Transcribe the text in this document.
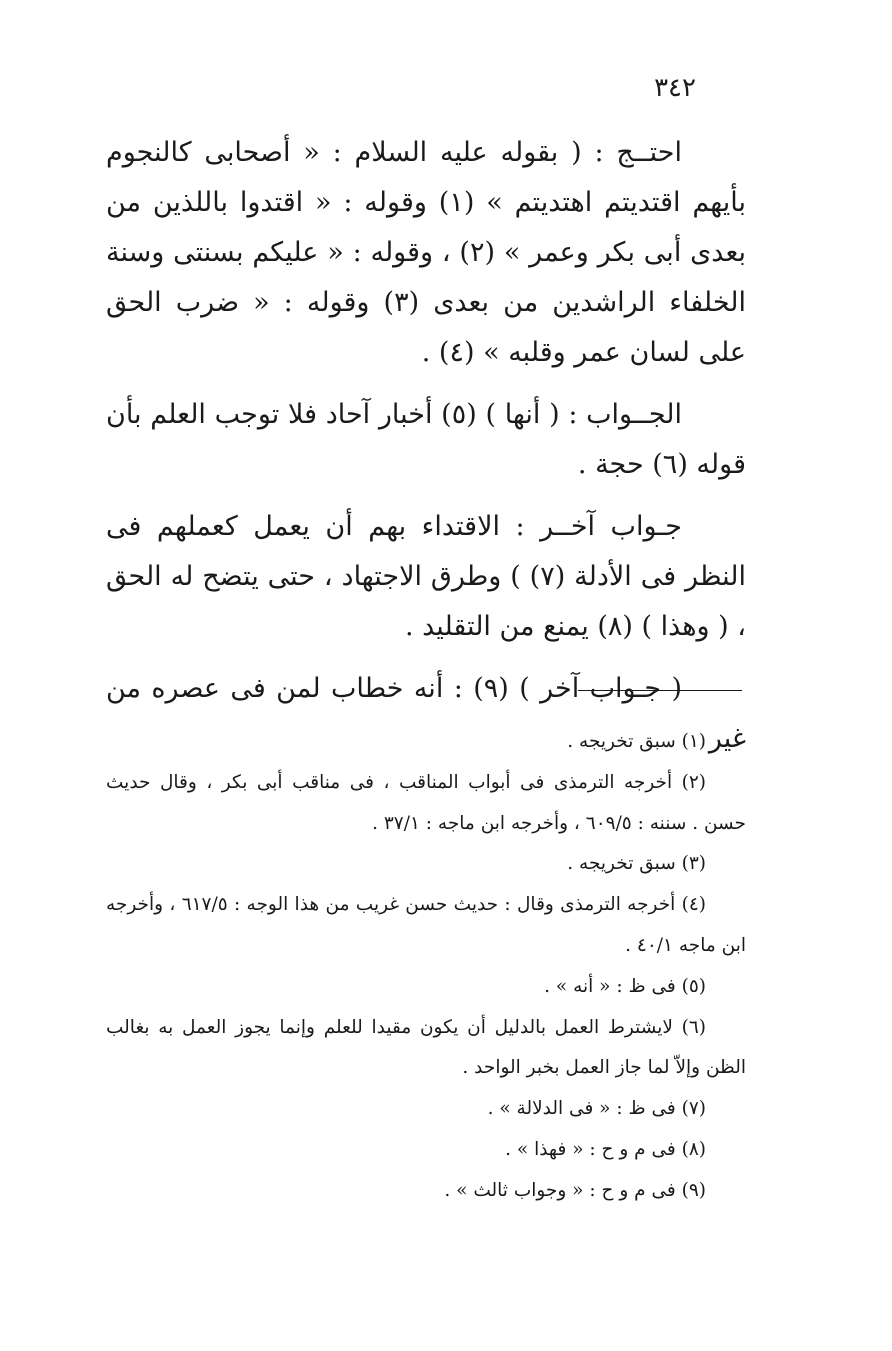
٣٤٢

احتــج : ( بقوله عليه السلام : « أصحابى كالنجوم بأيهم اقتديتم اهتديتم » (١) وقوله : « اقتدوا باللذين من بعدى أبى بكر وعمر » (٢) ، وقوله : « عليكم بسنتى وسنة الخلفاء الراشدين من بعدى (٣) وقوله : « ضرب الحق على لسان عمر وقلبه » (٤) .

الجــواب : ( أنها ) (٥) أخبار آحاد فلا توجب العلم بأن قوله (٦) حجة .

جـواب آخــر : الاقتداء بهم أن يعمل كعملهم فى النظر فى الأدلة (٧) ) وطرق الاجتهاد ، حتى يتضح له الحق ، ( وهذا ) (٨) يمنع من التقليد .

( جـواب آخر ) (٩) : أنه خطاب لمن فى عصره من غير

(١) سبق تخريجه .

(٢) أخرجه الترمذى فى أبواب المناقب ، فى مناقب أبى بكر ، وقال حديث حسن . سننه : ٦٠٩/٥ ، وأخرجه ابن ماجه : ٣٧/١ .

(٣) سبق تخريجه .

(٤) أخرجه الترمذى وقال : حديث حسن غريب من هذا الوجه : ٦١٧/٥ ، وأخرجه ابن ماجه ٤٠/١ .

(٥) فى ظ : « أنه » .

(٦) لايشترط العمل بالدليل أن يكون مقيدا للعلم وإنما يجوز العمل به بغالب الظن وإلاّ لما جاز العمل بخبر الواحد .

(٧) فى ظ : « فى الدلالة » .

(٨) فى م و ح : « فهذا » .

(٩) فى م و ح : « وجواب ثالث » .
